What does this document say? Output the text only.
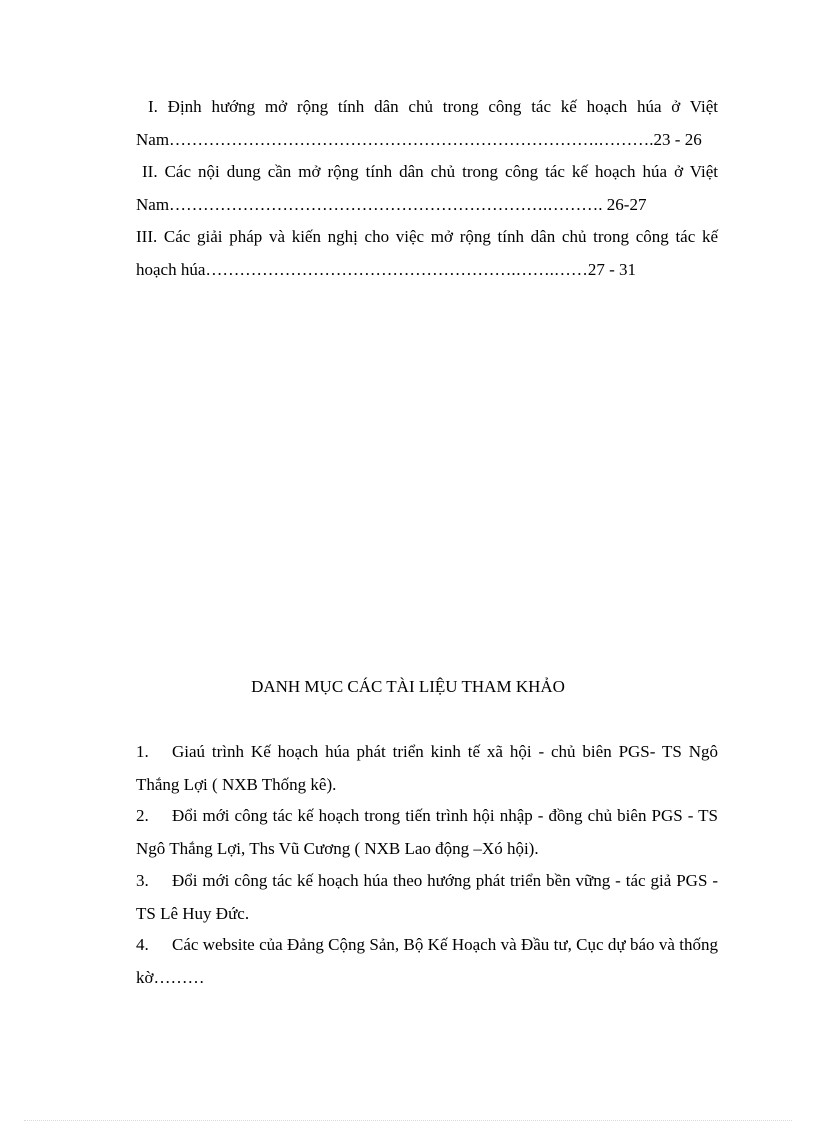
I. Định hướng mở rộng tính dân chủ trong công tác kế hoạch húa ở Việt Nam………………………………………………………………….……….23 - 26

II. Các nội dung cần mở rộng tính dân chủ trong công tác kế hoạch húa ở Việt Nam………………………………………………………….………. 26-27

III. Các giải pháp và kiến nghị cho việc mở rộng tính dân chủ trong công tác kế hoạch húa……………………………………………….…….……27 - 31

DANH MỤC CÁC TÀI LIỆU THAM KHẢO

1. Giaú trình Kế hoạch húa phát triển kinh tế xã hội - chủ biên PGS- TS Ngô Thắng Lợi ( NXB Thống kê).

2. Đổi mới công tác kế hoạch trong tiến trình hội nhập - đồng chủ biên PGS - TS Ngô Thắng Lợi, Ths Vũ Cương ( NXB Lao động –Xó hội).

3. Đổi mới công tác kế hoạch húa theo hướng phát triển bền vững - tác giả PGS - TS Lê Huy Đức.

4. Các website của Đảng Cộng Sản, Bộ Kế Hoạch và Đầu tư, Cục dự báo và thống kờ………
